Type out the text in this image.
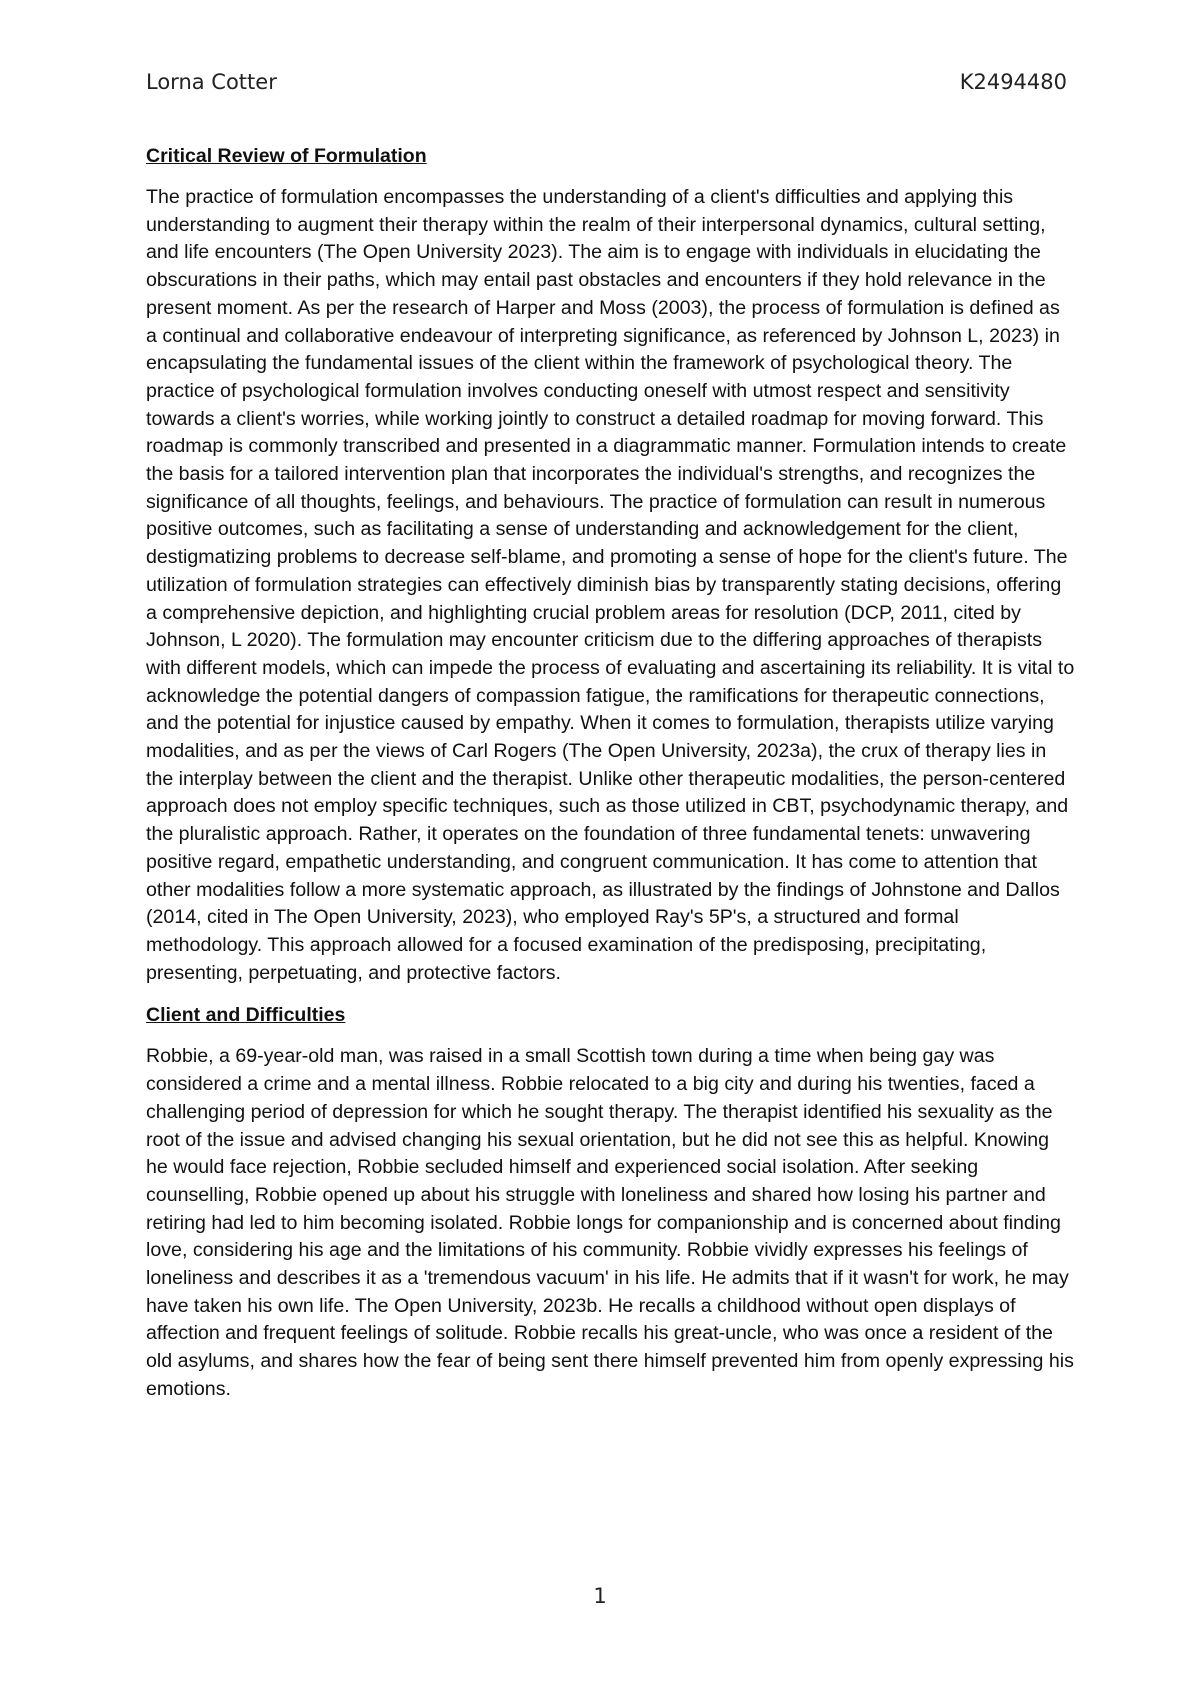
Lorna Cotter	K2494480
Critical Review of Formulation

The practice of formulation encompasses the understanding of a client's difficulties and applying this understanding to augment their therapy within the realm of their interpersonal dynamics, cultural setting, and life encounters (The Open University 2023). The aim is to engage with individuals in elucidating the obscurations in their paths, which may entail past obstacles and encounters if they hold relevance in the present moment. As per the research of Harper and Moss (2003), the process of formulation is defined as a continual and collaborative endeavour of interpreting significance, as referenced by Johnson L, 2023) in encapsulating the fundamental issues of the client within the framework of psychological theory. The practice of psychological formulation involves conducting oneself with utmost respect and sensitivity towards a client's worries, while working jointly to construct a detailed roadmap for moving forward. This roadmap is commonly transcribed and presented in a diagrammatic manner. Formulation intends to create the basis for a tailored intervention plan that incorporates the individual's strengths, and recognizes the significance of all thoughts, feelings, and behaviours. The practice of formulation can result in numerous positive outcomes, such as facilitating a sense of understanding and acknowledgement for the client, destigmatizing problems to decrease self-blame, and promoting a sense of hope for the client's future. The utilization of formulation strategies can effectively diminish bias by transparently stating decisions, offering a comprehensive depiction, and highlighting crucial problem areas for resolution (DCP, 2011, cited by Johnson, L 2020). The formulation may encounter criticism due to the differing approaches of therapists with different models, which can impede the process of evaluating and ascertaining its reliability. It is vital to acknowledge the potential dangers of compassion fatigue, the ramifications for therapeutic connections, and the potential for injustice caused by empathy. When it comes to formulation, therapists utilize varying modalities, and as per the views of Carl Rogers (The Open University, 2023a), the crux of therapy lies in the interplay between the client and the therapist. Unlike other therapeutic modalities, the person-centered approach does not employ specific techniques, such as those utilized in CBT, psychodynamic therapy, and the pluralistic approach. Rather, it operates on the foundation of three fundamental tenets: unwavering positive regard, empathetic understanding, and congruent communication. It has come to attention that other modalities follow a more systematic approach, as illustrated by the findings of Johnstone and Dallos (2014, cited in The Open University, 2023), who employed Ray's 5P's, a structured and formal methodology. This approach allowed for a focused examination of the predisposing, precipitating, presenting, perpetuating, and protective factors.

Client and Difficulties

Robbie, a 69-year-old man, was raised in a small Scottish town during a time when being gay was considered a crime and a mental illness. Robbie relocated to a big city and during his twenties, faced a challenging period of depression for which he sought therapy. The therapist identified his sexuality as the root of the issue and advised changing his sexual orientation, but he did not see this as helpful. Knowing he would face rejection, Robbie secluded himself and experienced social isolation. After seeking counselling, Robbie opened up about his struggle with loneliness and shared how losing his partner and retiring had led to him becoming isolated. Robbie longs for companionship and is concerned about finding love, considering his age and the limitations of his community. Robbie vividly expresses his feelings of loneliness and describes it as a 'tremendous vacuum' in his life. He admits that if it wasn't for work, he may have taken his own life. The Open University, 2023b. He recalls a childhood without open displays of affection and frequent feelings of solitude. Robbie recalls his great-uncle, who was once a resident of the old asylums, and shares how the fear of being sent there himself prevented him from openly expressing his emotions.

1
